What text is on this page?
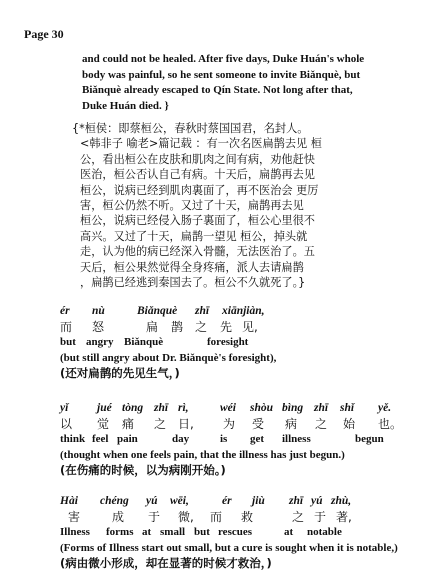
Page 30
and could not be healed. After five days, Duke Huán's whole
body was painful, so he sent someone to invite Biǎnquè, but
Biǎnquè already escaped to Qín State. Not long after that,
Duke Huán died. }
{*桓侯：即蔡桓公，春秋时蔡国国君，名封人。
<韩非子 喻老>篇记载 ：有一次名医扁鹊去见 桓
公，看出桓公在皮肤和肌肉之间有病，劝他赶快
医治，桓公否认自己有病。十天后，扁鹊再去见
桓公，说病已经到肌肉裏面了，再不医治会 更厉
害，桓公仍然不听。又过了十天，扁鹊再去见
桓公，说病已经侵入肠子裏面了，桓公心里很不
高兴。又过了十天，扁鹊一望见 桓公，掉头就
走，认为他的病已经深入骨髓，无法医治了。五
天后，桓公果然觉得全身疼痛，派人去请扁鹊
，扁鹊已经逃到秦国去了。桓公不久就死了。}
ér nù	Biǎnquè zhī xiānjiàn,
而 怒	扁 鹊 之 先 见,
but angry Biǎnquè	foresight
(but still angry about Dr. Biǎnquè's foresight),
(还对扁鹊的先见生气，)
yǐ jué tòng zhī rì,	wéi shòu bìng zhī shǐ yě.
以 觉 痛 之 日, 为 受 病 之 始 也。
think feel pain	day	is get illness	begun
(thought when one feels pain, that the illness has just begun.)
(在伤痛的时候，以为病刚开始。)
Hài chéng yú wēi,	ér jiù zhī yú zhù,
害	成 于 微, 而 救	之 于 著,
Illness forms at small but rescues	at notable
(Forms of Illness start out small, but a cure is sought when it is notable,)
(病由微小形成，却在显著的时候才救治，)
